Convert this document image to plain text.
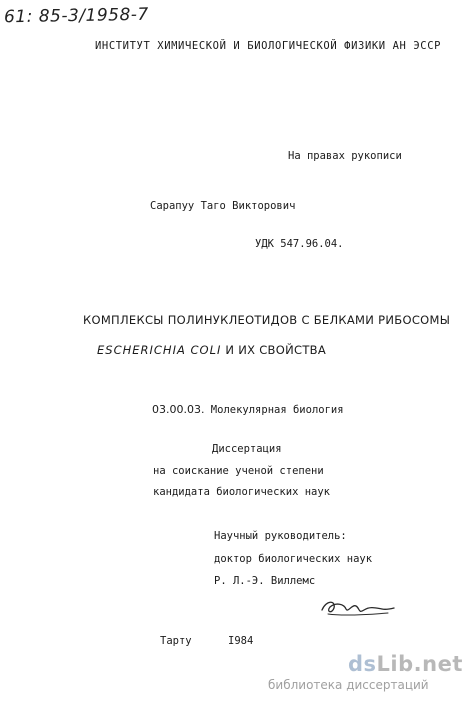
61: 85-3/1958-7
ИНСТИТУТ ХИМИЧЕСКОЙ И БИОЛОГИЧЕСКОЙ ФИЗИКИ АН ЭССР
На правах рукописи
Сарапуу Таго Викторович
УДК 547.96.04.
КОМПЛЕКСЫ ПОЛИНУКЛЕОТИДОВ С БЕЛКАМИ РИБОСОМЫ
ESCHERICHIA COLI И ИХ СВОЙСТВА
03.00.03. Молекулярная биология
Диссертация
на соискание ученой степени
кандидата биологических наук
Научный руководитель:
доктор биологических наук
Р. Л.-Э. Виллемс
Тарту	I984
dsLib.net
библиотека диссертаций
